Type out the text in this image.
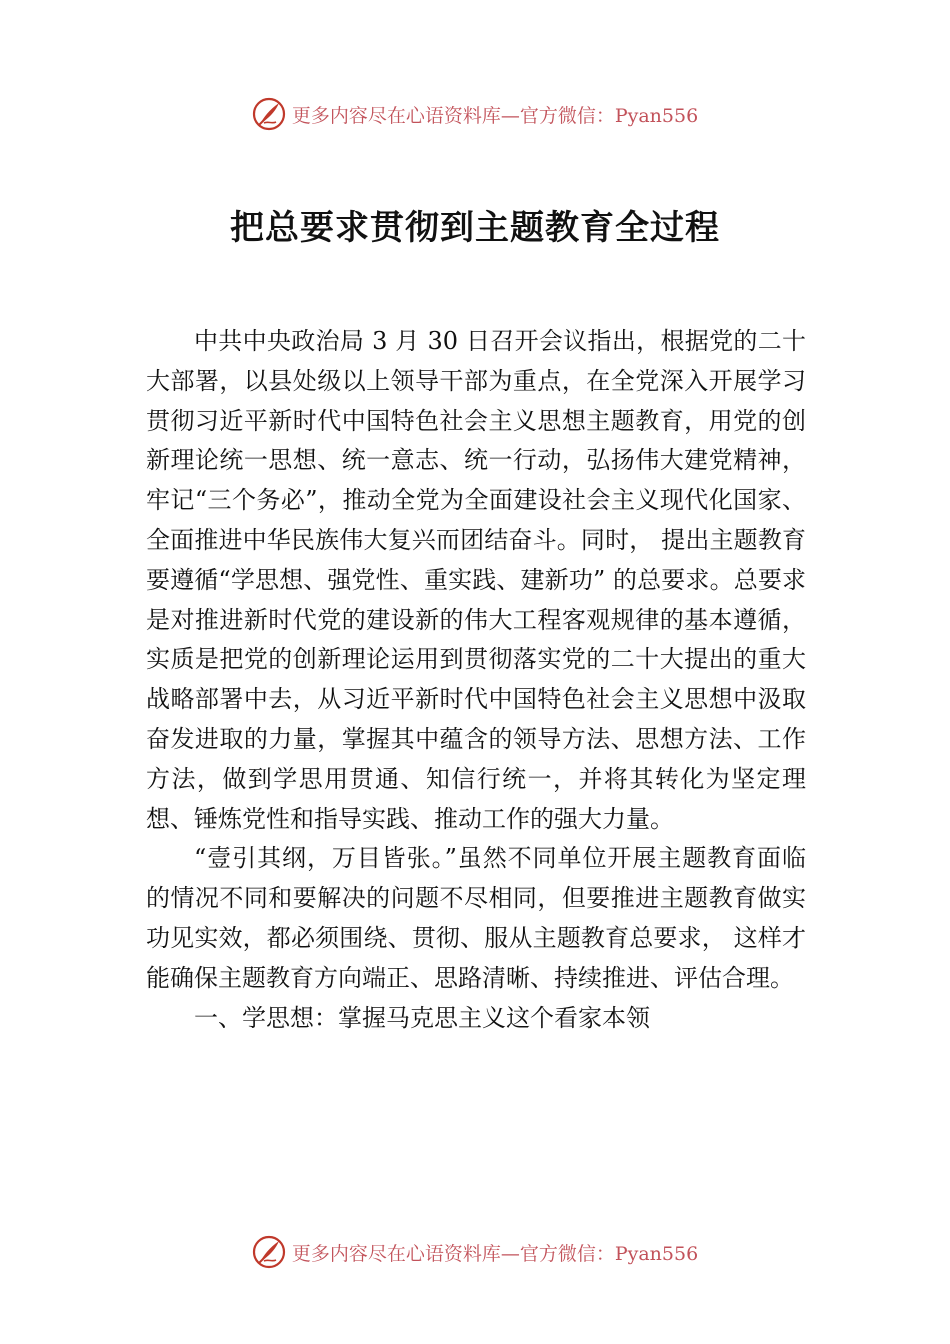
更多内容尽在心语资料库—官方微信：Pyan556
把总要求贯彻到主题教育全过程

中共中央政治局 3 月 30 日召开会议指出，根据党的二十大部署，以县处级以上领导干部为重点，在全党深入开展学习贯彻习近平新时代中国特色社会主义思想主题教育，用党的创新理论统一思想、统一意志、统一行动，弘扬伟大建党精神，牢记“三个务必”，推动全党为全面建设社会主义现代化国家、全面推进中华民族伟大复兴而团结奋斗。同时， 提出主题教育要遵循“学思想、强党性、重实践、建新功” 的总要求。总要求是对推进新时代党的建设新的伟大工程客观规律的基本遵循，实质是把党的创新理论运用到贯彻落实党的二十大提出的重大战略部署中去，从习近平新时代中国特色社会主义思想中汲取奋发进取的力量，掌握其中蕴含的领导方法、思想方法、工作方法，做到学思用贯通、知信行统一，并将其转化为坚定理想、锤炼党性和指导实践、推动工作的强大力量。

“壹引其纲，万目皆张。”虽然不同单位开展主题教育面临的情况不同和要解决的问题不尽相同，但要推进主题教育做实功见实效，都必须围绕、贯彻、服从主题教育总要求， 这样才能确保主题教育方向端正、思路清晰、持续推进、评估合理。

一、学思想：掌握马克思主义这个看家本领

更多内容尽在心语资料库—官方微信：Pyan556
